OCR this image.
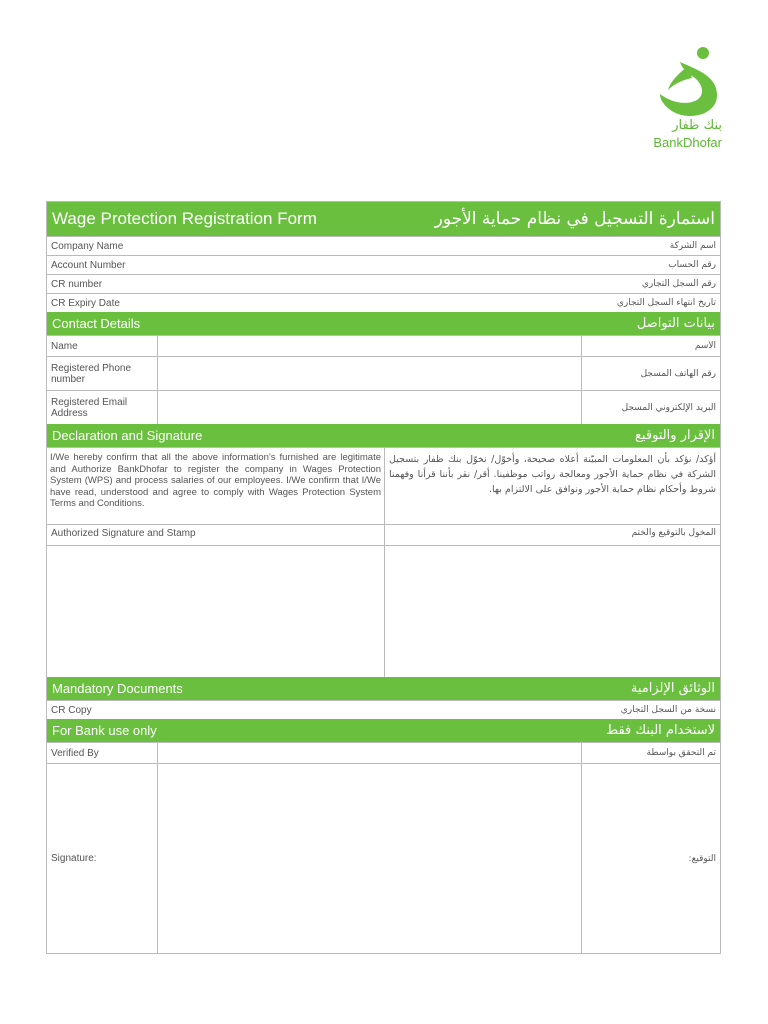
بنك ظفار
BankDhofar
Wage Protection Registration Form	استمارة التسجيل في نظام حماية الأجور
Company Name	اسم الشركة
Account Number	رقم الحساب
CR number	رقم السجل التجاري
CR Expiry Date	تاريخ انتهاء السجل التجاري
Contact Details	بيانات التواصل
Name	الاسم
Registered Phone number	رقم الهاتف المسجل
Registered Email Address	البريد الإلكتروني المسجل
Declaration and Signature	الإقرار والتوقيع
I/We hereby confirm that all the above information's furnished are legitimate and Authorize BankDhofar to register the company in Wages Protection System (WPS) and process salaries of our employees. I/We confirm that I/We have read, understood and agree to comply with Wages Protection System Terms and Conditions.
أؤكد/ نؤكد بأن المعلومات المبيّنة أعلاه صحيحة، وأخوّل/ نخوّل بنك ظفار بتسجيل الشركة في نظام حماية الأجور ومعالجة رواتب موظفينا. أقر/ نقر بأننا قرأنا وفهمنا شروط وأحكام نظام حماية الأجور ونوافق على الالتزام بها.
Authorized Signature and Stamp	المخول بالتوقيع والختم
Mandatory Documents	الوثائق الإلزامية
CR Copy	نسخة من السجل التجاري
For Bank use only	لاستخدام البنك فقط
Verified By	تم التحقق بواسطة
Signature:	التوقيع:
